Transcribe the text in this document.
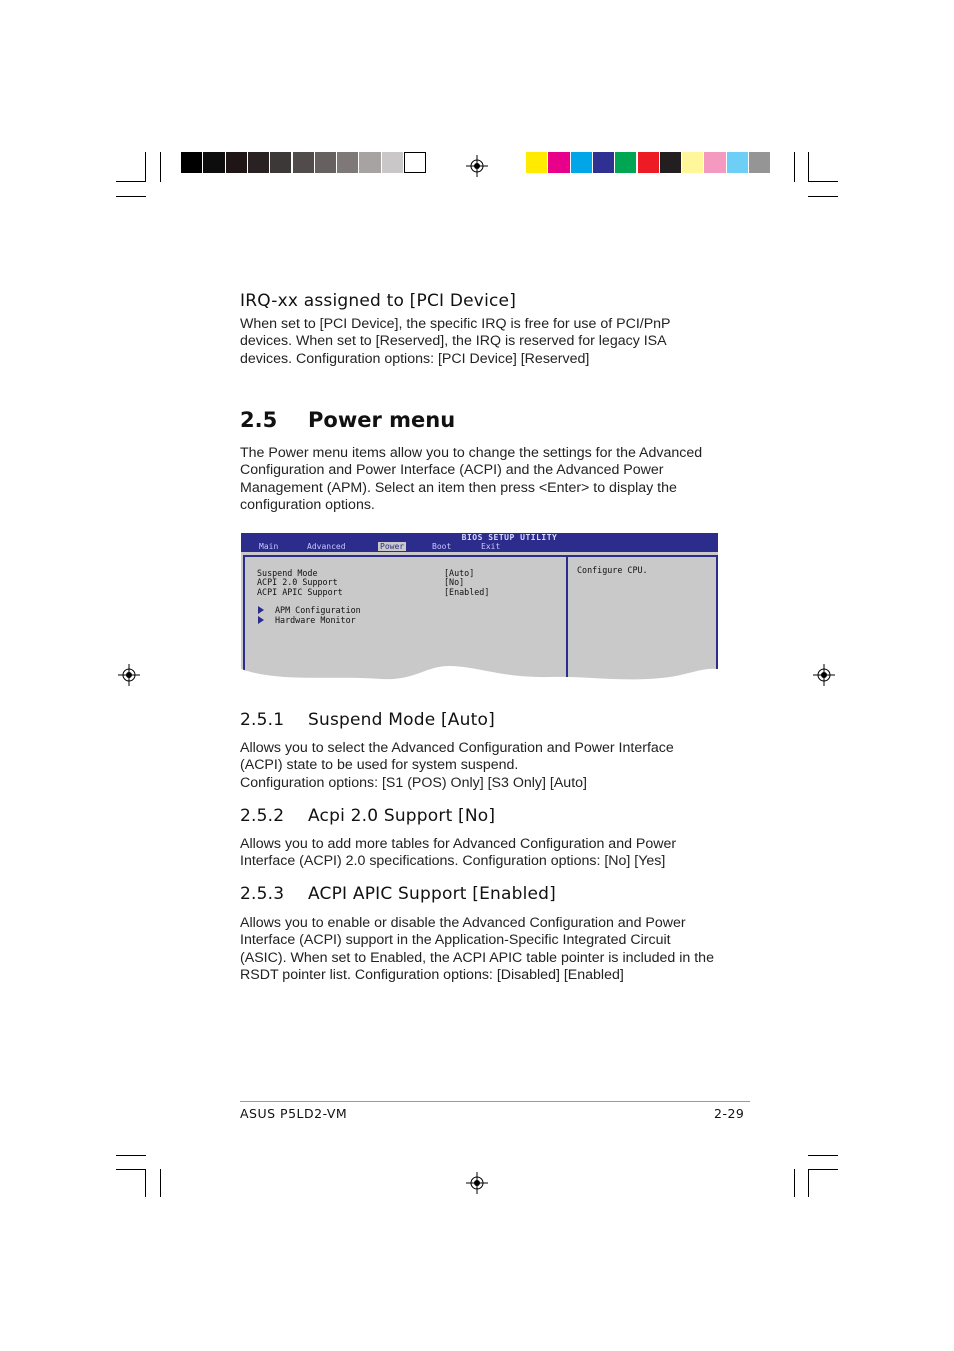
IRQ-xx assigned to [PCI Device]

When set to [PCI Device], the specific IRQ is free for use of PCI/PnP devices. When set to [Reserved], the IRQ is reserved for legacy ISA devices. Configuration options: [PCI Device] [Reserved]

2.5 Power menu

The Power menu items allow you to change the settings for the Advanced Configuration and Power Interface (ACPI) and the Advanced Power Management (APM). Select an item then press <Enter> to display the configuration options.

BIOS SETUP UTILITY
Main	Advanced	Power	Boot	Exit
Suspend Mode	[Auto]
ACPI 2.0 Support	[No]
ACPI APIC Support	[Enabled]
APM Configuration
Hardware Monitor
Configure CPU.
2.5.1 Suspend Mode [Auto]
Allows you to select the Advanced Configuration and Power Interface
(ACPI) state to be used for system suspend.
Configuration options: [S1 (POS) Only] [S3 Only] [Auto]
2.5.2 Acpi 2.0 Support [No]
Allows you to add more tables for Advanced Configuration and Power
Interface (ACPI) 2.0 specifications. Configuration options: [No] [Yes]
2.5.3 ACPI APIC Support [Enabled]
Allows you to enable or disable the Advanced Configuration and Power
Interface (ACPI) support in the Application-Specific Integrated Circuit
(ASIC). When set to Enabled, the ACPI APIC table pointer is included in the
RSDT pointer list. Configuration options: [Disabled] [Enabled]
ASUS P5LD2-VM	2-29
